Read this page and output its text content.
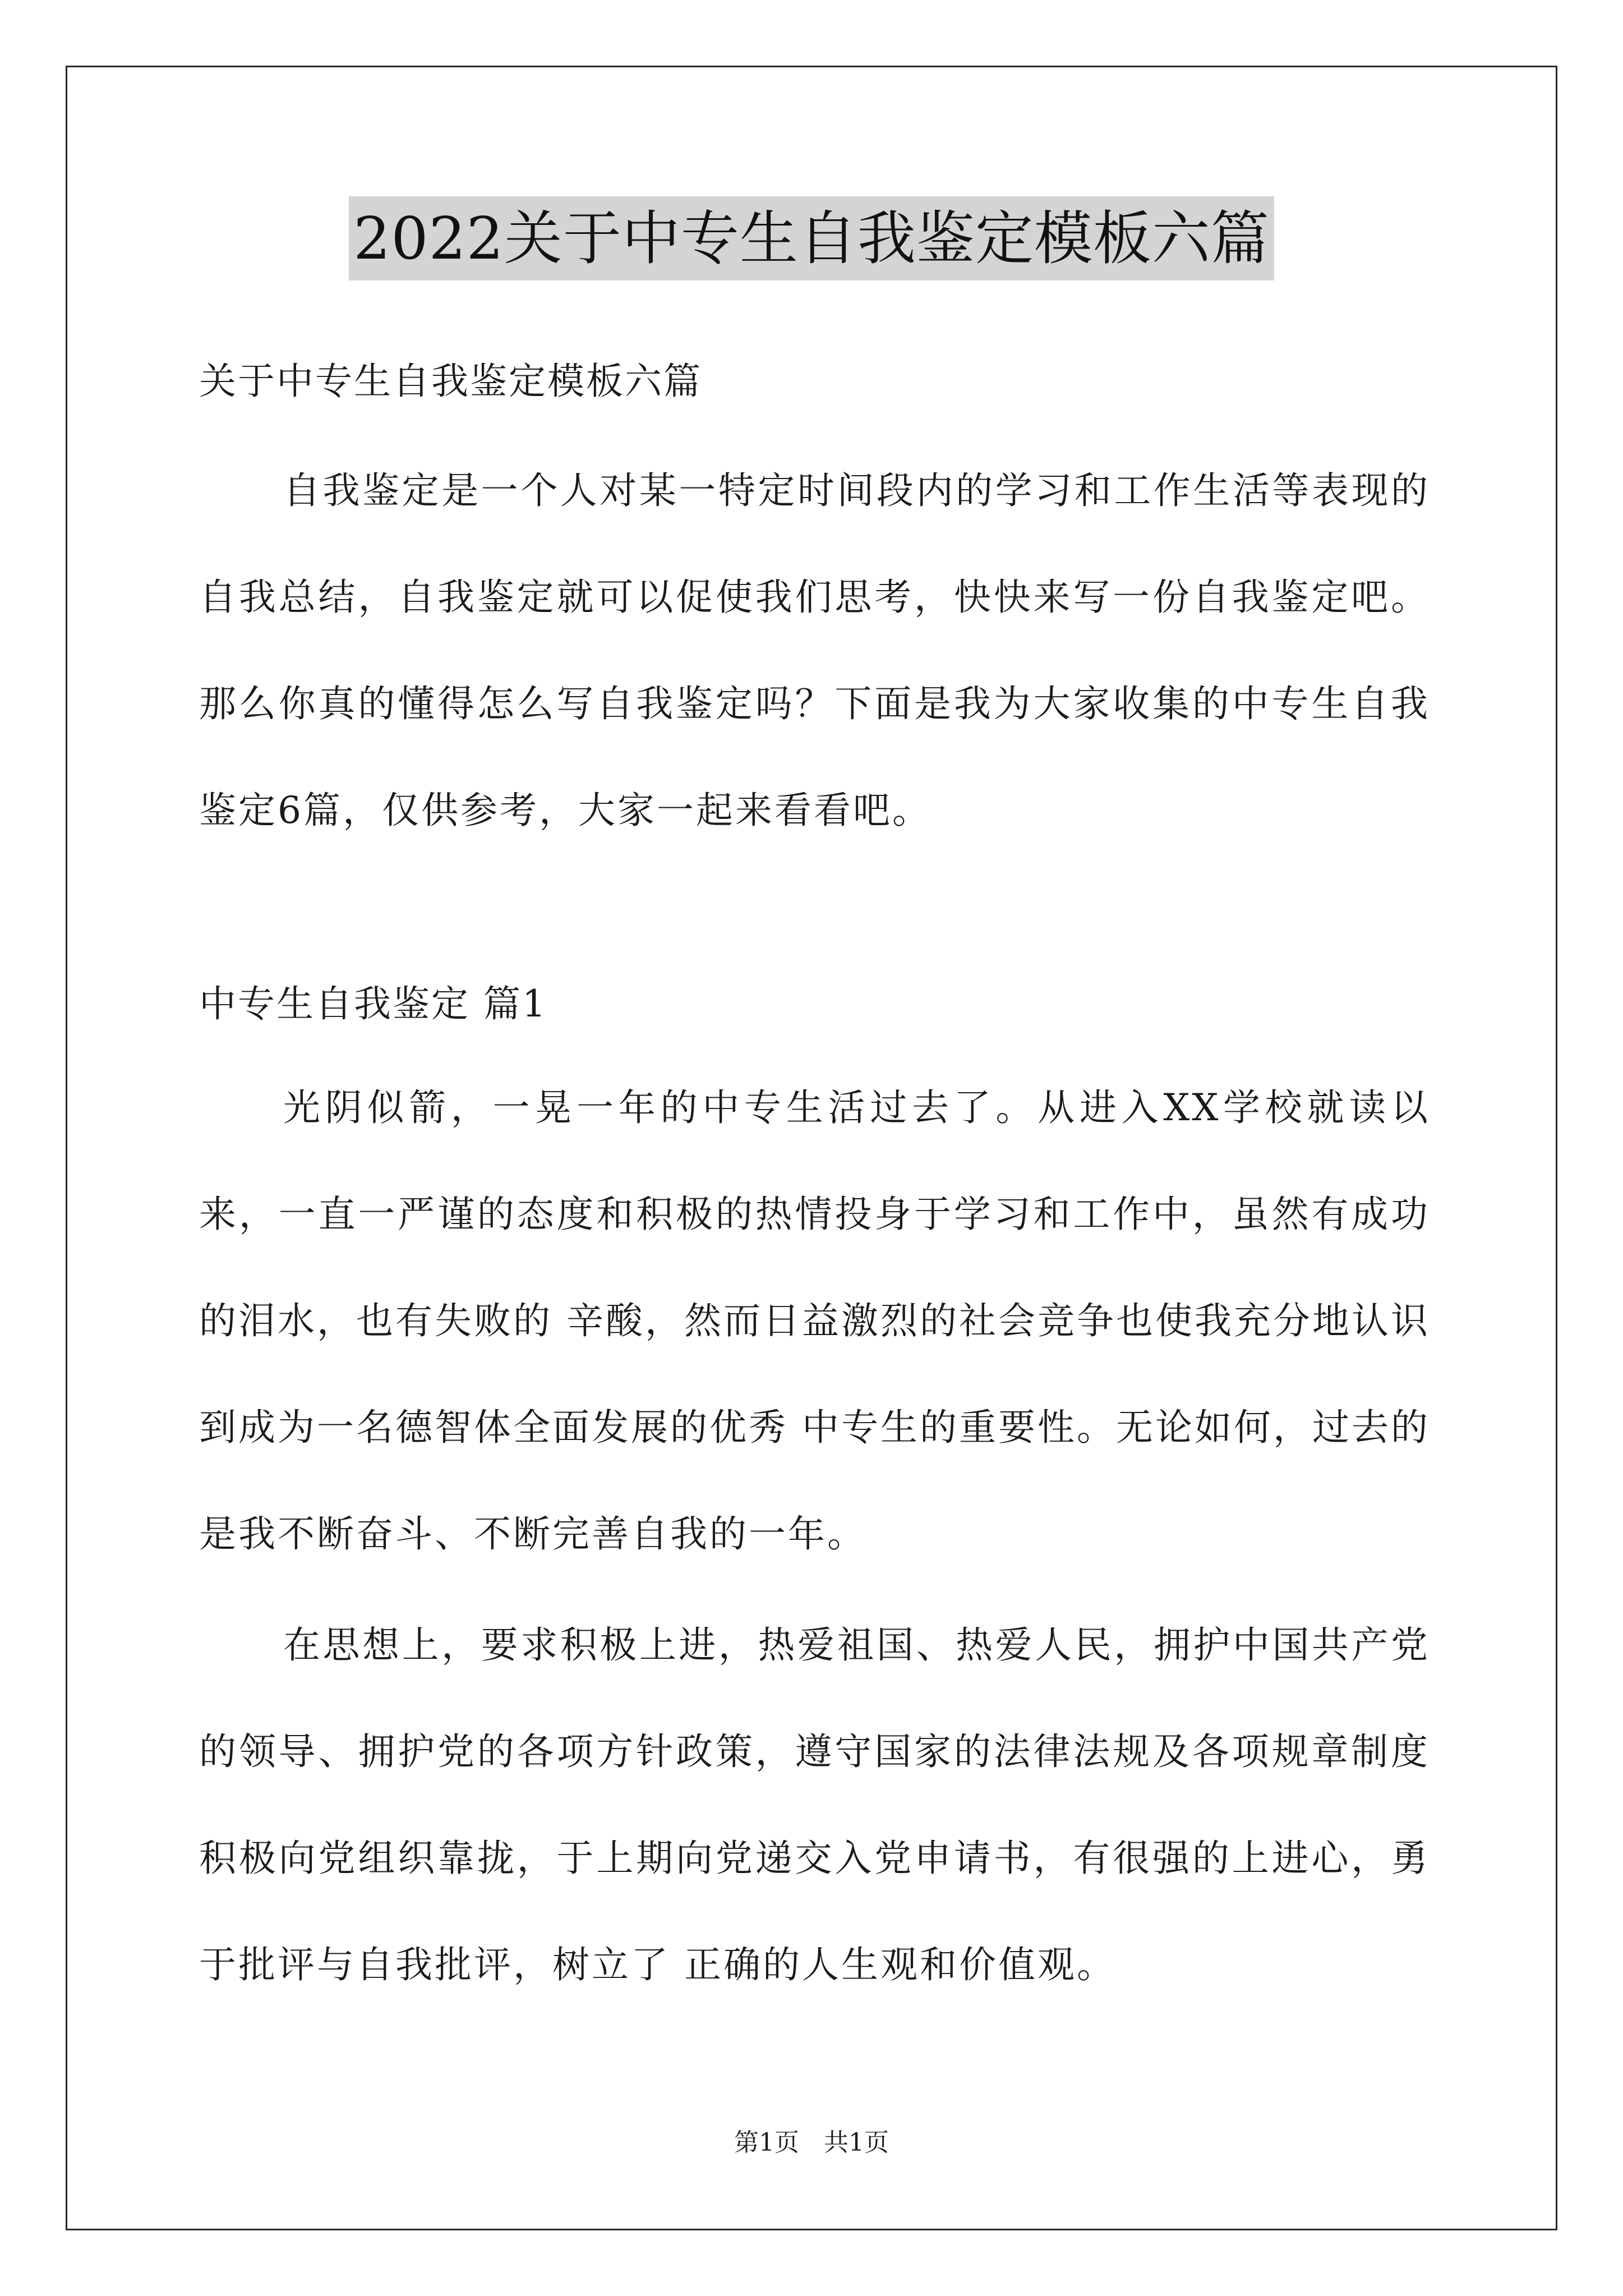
2022关于中专生自我鉴定模板六篇
关于中专生自我鉴定模板六篇

自我鉴定是一个人对某一特定时间段内的学习和工作生活等表现的自我总结，自我鉴定就可以促使我们思考，快快来写一份自我鉴定吧。那么你真的懂得怎么写自我鉴定吗？下面是我为大家收集的中专生自我鉴定6篇，仅供参考，大家一起来看看吧。

中专生自我鉴定 篇1

光阴似箭，一晃一年的中专生活过去了。从进入XX学校就读以来，一直一严谨的态度和积极的热情投身于学习和工作中，虽然有成功的泪水，也有失败的 辛酸，然而日益激烈的社会竞争也使我充分地认识到成为一名德智体全面发展的优秀 中专生的重要性。无论如何，过去的是我不断奋斗、不断完善自我的一年。

在思想上，要求积极上进，热爱祖国、热爱人民，拥护中国共产党的领导、拥护党的各项方针政策，遵守国家的法律法规及各项规章制度积极向党组织靠拢，于上期向党递交入党申请书，有很强的上进心，勇于批评与自我批评，树立了 正确的人生观和价值观。

第1页 共1页
